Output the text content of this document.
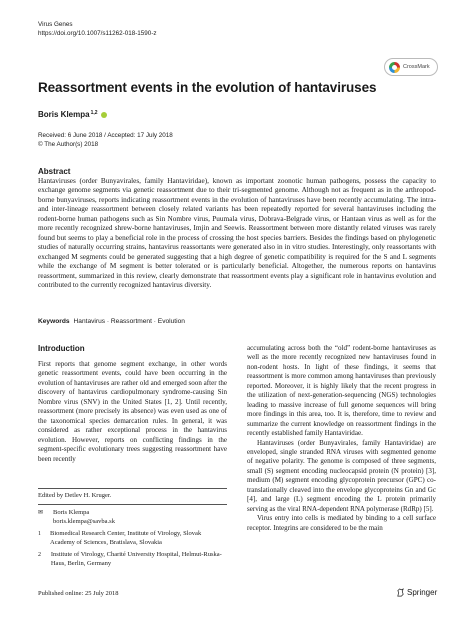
Virus Genes
https://doi.org/10.1007/s11262-018-1590-z
CrossMark
Reassortment events in the evolution of hantaviruses
Boris Klempa 1,2
Received: 6 June 2018 / Accepted: 17 July 2018
© The Author(s) 2018
Abstract
Hantaviruses (order Bunyavirales, family Hantaviridae), known as important zoonotic human pathogens, possess the capacity to exchange genome segments via genetic reassortment due to their tri-segmented genome. Although not as frequent as in the arthropod-borne bunyaviruses, reports indicating reassortment events in the evolution of hantaviruses have been recently accumulating. The intra- and inter-lineage reassortment between closely related variants has been repeatedly reported for several hantaviruses including the rodent-borne human pathogens such as Sin Nombre virus, Puumala virus, Dobrava-Belgrade virus, or Hantaan virus as well as for the more recently recognized shrew-borne hantaviruses, Imjin and Seewis. Reassortment between more distantly related viruses was rarely found but seems to play a beneficial role in the process of crossing the host species barriers. Besides the findings based on phylogenetic studies of naturally occurring strains, hantavirus reassortants were generated also in in vitro studies. Interestingly, only reassortants with exchanged M segments could be generated suggesting that a high degree of genetic compatibility is required for the S and L segments while the exchange of M segment is better tolerated or is particularly beneficial. Altogether, the numerous reports on hantavirus reassortment, summarized in this review, clearly demonstrate that reassortment events play a significant role in hantavirus evolution and contributed to the currently recognized hantavirus diversity.
Keywords Hantavirus · Reassortment · Evolution
Introduction

First reports that genome segment exchange, in other words genetic reassortment events, could have been occurring in the evolution of hantaviruses are rather old and emerged soon after the discovery of hantavirus cardiopulmonary syndrome-causing Sin Nombre virus (SNV) in the United States [1, 2]. Until recently, reassortment (more precisely its absence) was even used as one of the taxonomical species demarcation rules. In general, it was considered as rather exceptional process in the hantavirus evolution. However, reports on conflicting findings in the segment-specific evolutionary trees suggesting reassortment have been recently

accumulating across both the “old” rodent-borne hantaviruses as well as the more recently recognized new hantaviruses found in non-rodent hosts. In light of these findings, it seems that reassortment is more common among hantaviruses than previously reported. Moreover, it is highly likely that the recent progress in the utilization of next-generation-sequencing (NGS) technologies leading to massive increase of full genome sequences will bring more findings in this area, too. It is, therefore, time to review and summarize the current knowledge on reassortment findings in the recently established family Hantaviridae.

Hantaviruses (order Bunyavirales, family Hantaviridae) are enveloped, single stranded RNA viruses with segmented genome of negative polarity. The genome is composed of three segments, small (S) segment encoding nucleocapsid protein (N protein) [3], medium (M) segment encoding glycoprotein precursor (GPC) co-translationally cleaved into the envelope glycoproteins Gn and Gc [4], and large (L) segment encoding the L protein primarily serving as the viral RNA-dependent RNA polymerase (RdRp) [5].

Virus entry into cells is mediated by binding to a cell surface receptor. Integrins are considered to be the main

Edited by Detlev H. Kruger.
✉	Boris Klempa
boris.klempa@savba.sk
1	Biomedical Research Center, Institute of Virology, Slovak Academy of Sciences, Bratislava, Slovakia
2	Institute of Virology, Charité University Hospital, Helmut-Ruska-Haus, Berlin, Germany
Published online: 25 July 2018	Springer
